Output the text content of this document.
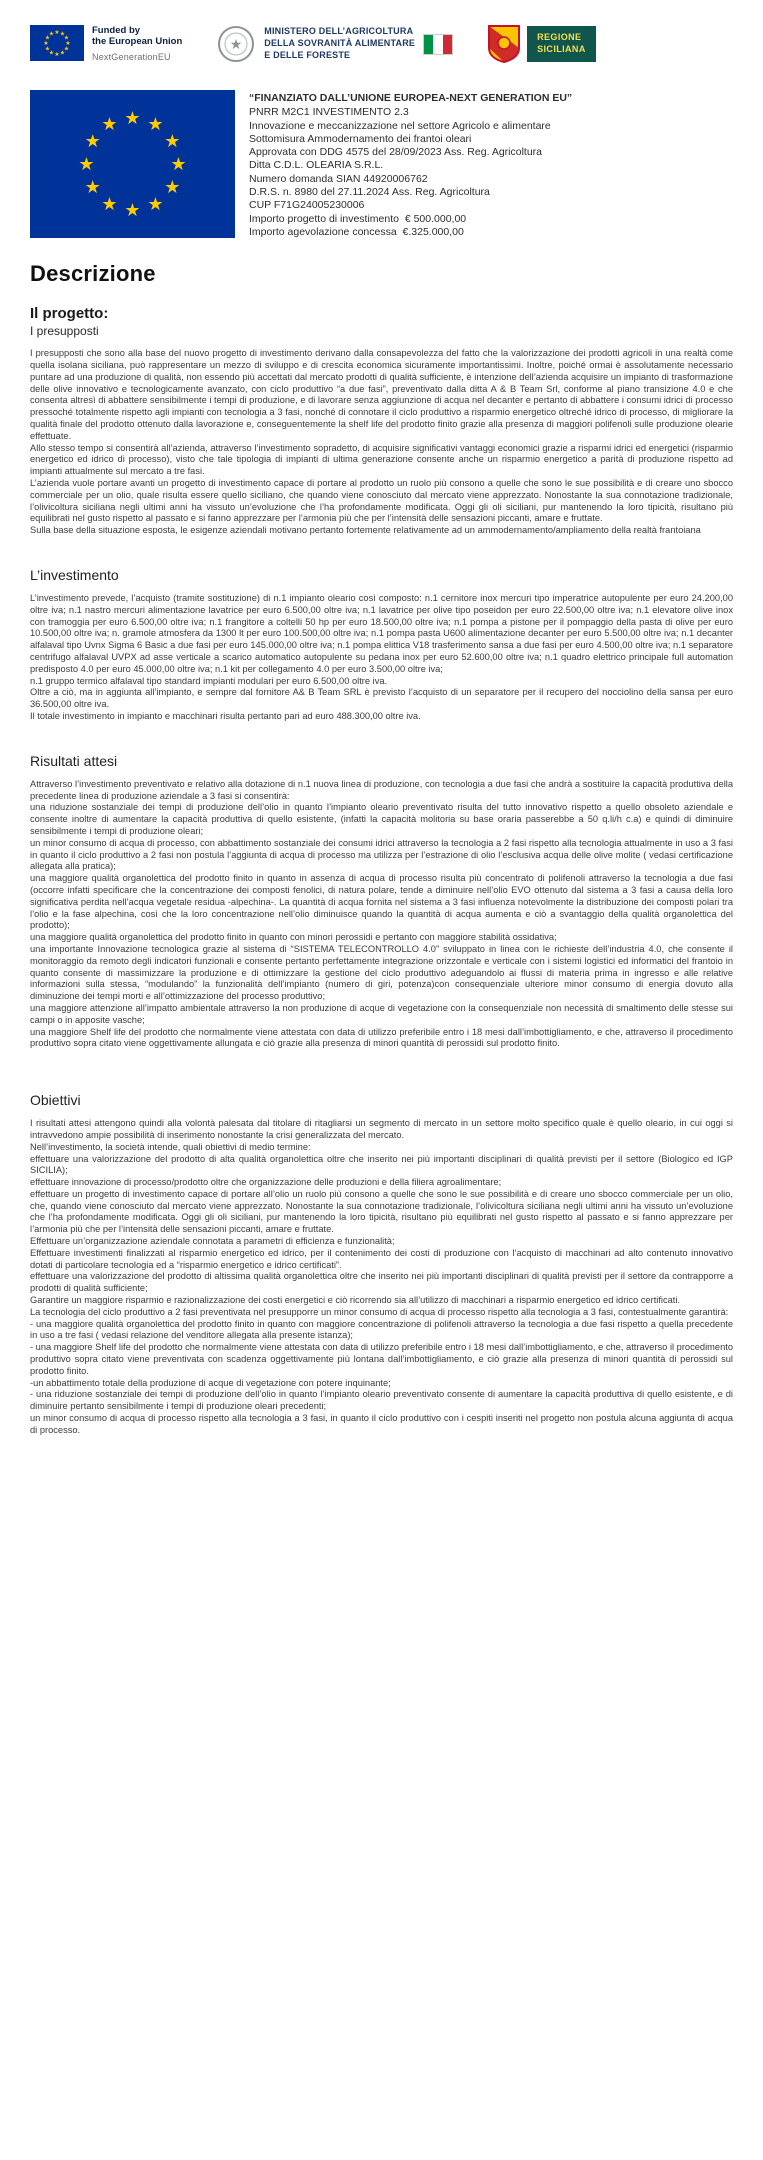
★ ★
★
★
★
★
★
★
★
★
★
★	Funded by
the European Union
NextGenerationEU
★
MINISTERO DELL’AGRICOLTURA
DELLA SOVRANITÀ ALIMENTARE
E DELLE FORESTE
REGIONE
SICILIANA
★ ★
★
★
★
★
★
★
★
★
★
★
“FINANZIATO DALL’UNIONE EUROPEA-NEXT GENERATION EU”
PNRR M2C1 INVESTIMENTO 2.3
Innovazione e meccanizzazione nel settore Agricolo e alimentare
Sottomisura Ammodernamento dei frantoi oleari
Approvata con DDG 4575 del 28/09/2023 Ass. Reg. Agricoltura
Ditta C.D.L. OLEARIA S.R.L.
Numero domanda SIAN 44920006762
D.R.S. n. 8980 del 27.11.2024 Ass. Reg. Agricoltura
CUP F71G24005230006
Importo progetto di investimento  € 500.000,00
Importo agevolazione concessa  €.325.000,00
Descrizione
Il progetto:
I presupposti

I presupposti che sono alla base del nuovo progetto di investimento derivano dalla consapevolezza del fatto che la valorizzazione dei prodotti agricoli in una realtà come quella isolana siciliana, può rappresentare un mezzo di sviluppo e di crescita economica sicuramente importantissimi. Inoltre, poiché ormai è assolutamente necessario puntare ad una produzione di qualità, non essendo più accettati dal mercato prodotti di qualità sufficiente, è intenzione dell’azienda acquisire un impianto di trasformazione delle olive innovativo e tecnologicamente avanzato, con ciclo produttivo “a due fasi”, preventivato dalla ditta A & B Team Srl, conforme al piano transizione 4.0 e che consenta altresì di abbattere sensibilmente i tempi di produzione, e di lavorare senza aggiunzione di acqua nel decanter e pertanto di abbattere i consumi idrici di processo pressoché totalmente rispetto agli impianti con tecnologia a 3 fasi, nonché di connotare il ciclo produttivo a risparmio energetico oltreché idrico di processo, di migliorare la qualità finale del prodotto ottenuto dalla lavorazione e, conseguentemente la shelf life del prodotto finito grazie alla presenza di maggiori polifenoli sulle produzione olearie effettuate.

Allo stesso tempo si consentirà all’azienda, attraverso l’investimento sopradetto, di acquisire significativi vantaggi economici grazie a risparmi idrici ed energetici (risparmio energetico ed idrico di processo), visto che tale tipologia di impianti di ultima generazione consente anche un risparmio energetico a parità di produzione rispetto ad impianti attualmente sul mercato a tre fasi.

L’azienda vuole portare avanti un progetto di investimento capace di portare al prodotto un ruolo più consono a quelle che sono le sue possibilità e di creare uno sbocco commerciale per un olio, quale risulta essere quello siciliano, che quando viene conosciuto dal mercato viene apprezzato. Nonostante la sua connotazione tradizionale, l’olivicoltura siciliana negli ultimi anni ha vissuto un’evoluzione che l’ha profondamente modificata. Oggi gli oli siciliani, pur mantenendo la loro tipicità, risultano più equilibrati nel gusto rispetto al passato e si fanno apprezzare per l’armonia più che per l’intensità delle sensazioni piccanti, amare e fruttate.

Sulla base della situazione esposta, le esigenze aziendali motivano pertanto fortemente relativamente ad un ammodernamento/ampliamento della realtà frantoiana

L’investimento

L’investimento prevede, l’acquisto (tramite sostituzione) di n.1 impianto oleario così composto: n.1 cernitore inox mercuri tipo imperatrice autopulente per euro 24.200,00 oltre iva; n.1 nastro mercuri alimentazione lavatrice per euro 6.500,00 oltre iva; n.1 lavatrice per olive tipo poseidon per euro 22.500,00 oltre iva; n.1 elevatore olive inox con tramoggia per euro 6.500,00 oltre iva; n.1 frangitore a coltelli 50 hp per euro 18.500,00 oltre iva; n.1 pompa a pistone per il pompaggio della pasta di olive per euro 10.500,00 oltre iva; n. gramole atmosfera da 1300 lt per euro 100.500,00 oltre iva; n.1 pompa pasta U600 alimentazione decanter per euro 5.500,00 oltre iva; n.1 decanter alfalaval tipo Uvnx Sigma 6 Basic a due fasi per euro 145.000,00 oltre iva; n.1 pompa elittica V18 trasferimento sansa a due fasi per euro 4.500,00 oltre iva; n.1 separatore centrifugo alfalaval UVPX ad asse verticale a scarico automatico autopulente su pedana inox per euro 52.600,00 oltre iva; n.1 quadro elettrico principale full automation predisposto 4.0 per euro 45.000,00 oltre iva; n.1 kit per collegamento 4.0 per euro 3.500,00 oltre iva;

n.1 gruppo termico alfalaval tipo standard impianti modulari per euro 6.500,00 oltre iva.

Oltre a ciò, ma in aggiunta all’impianto, e sempre dal fornitore A& B Team SRL è previsto l’acquisto di un separatore per il recupero del nocciolino della sansa per euro 36.500,00 oltre iva.

Il totale investimento in impianto e macchinari risulta pertanto pari ad euro 488.300,00 oltre iva.

Risultati attesi

Attraverso l’investimento preventivato e relativo alla dotazione di n.1 nuova linea di produzione, con tecnologia a due fasi che andrà a sostituire la capacità produttiva della precedente linea di produzione aziendale a 3 fasi si consentirà:

una riduzione sostanziale dei tempi di produzione dell’olio in quanto l’impianto oleario preventivato risulta del tutto innovativo rispetto a quello obsoleto aziendale e consente inoltre di aumentare la capacità produttiva di quello esistente, (infatti la capacità molitoria su base oraria passerebbe a 50 q.li/h c.a) e quindi di diminuire sensibilmente i tempi di produzione oleari;

un minor consumo di acqua di processo, con abbattimento sostanziale dei consumi idrici attraverso la tecnologia a 2 fasi rispetto alla tecnologia attualmente in uso a 3 fasi in quanto il ciclo produttivo a 2 fasi non postula l’aggiunta di acqua di processo ma utilizza per l’estrazione di olio l’esclusiva acqua delle olive molite ( vedasi certificazione allegata alla pratica);

una maggiore qualità organolettica del prodotto finito in quanto in assenza di acqua di processo risulta più concentrato di polifenoli attraverso la tecnologia a due fasi (occorre infatti specificare che la concentrazione dei composti fenolici, di natura polare, tende a diminuire nell’olio EVO ottenuto dal sistema a 3 fasi a causa della loro significativa perdita nell’acqua vegetale residua -alpechina-. La quantità di acqua fornita nel sistema a 3 fasi influenza notevolmente la distribuzione dei composti polari tra l’olio e la fase alpechina, così che la loro concentrazione nell’olio diminuisce quando la quantità di acqua aumenta e ciò a svantaggio della qualità organolettica del prodotto);

una maggiore qualità organolettica del prodotto finito in quanto con minori perossidi e pertanto con maggiore stabilità ossidativa;

una importante Innovazione tecnologica grazie al sistema di “SISTEMA TELECONTROLLO 4.0” sviluppato in linea con le richieste dell’industria 4.0, che consente il monitoraggio da remoto degli indicatori funzionali e consente pertanto perfettamente integrazione orizzontale e verticale con i sistemi logistici ed informatici del frantoio in quanto consente di massimizzare la produzione e di ottimizzare la gestione del ciclo produttivo adeguandolo ai flussi di materia prima in ingresso e alle relative informazioni sulla stessa, “modulando” la funzionalità dell’impianto (numero di giri, potenza)con consequenziale ulteriore minor consumo di energia dovuto alla diminuzione dei tempi morti e all’ottimizzazione del processo produttivo;

una maggiore attenzione all’impatto ambientale attraverso la non produzione di acque di vegetazione con la consequenziale non necessità di smaltimento delle stesse sui campi o in apposite vasche;

una maggiore Shelf life del prodotto che normalmente viene attestata con data di utilizzo preferibile entro i 18 mesi dall’imbottigliamento, e che, attraverso il procedimento produttivo sopra citato viene oggettivamente allungata e ciò grazie alla presenza di minori quantità di perossidi sul prodotto finito.

Obiettivi

I risultati attesi attengono quindi alla volontà palesata dal titolare di ritagliarsi un segmento di mercato in un settore molto specifico quale è quello oleario, in cui oggi si intravvedono ampie possibilità di inserimento nonostante la crisi generalizzata del mercato.

Nell’investimento, la società intende, quali obiettivi di medio termine:

effettuare una valorizzazione del prodotto di alta qualità organolettica oltre che inserito nei più importanti disciplinari di qualità previsti per il settore (Biologico ed IGP SICILIA);

effettuare innovazione di processo/prodotto oltre che organizzazione delle produzioni e della filiera agroalimentare;

effettuare un progetto di investimento capace di portare all’olio un ruolo più consono a quelle che sono le sue possibilità e di creare uno sbocco commerciale per un olio, che, quando viene conosciuto dal mercato viene apprezzato. Nonostante la sua connotazione tradizionale, l’olivicoltura siciliana negli ultimi anni ha vissuto un’evoluzione che l’ha profondamente modificata. Oggi gli oli siciliani, pur mantenendo la loro tipicità, risultano più equilibrati nel gusto rispetto al passato e si fanno apprezzare per l’armonia più che per l’intensità delle sensazioni piccanti, amare e fruttate.

Effettuare un’organizzazione aziendale connotata a parametri di efficienza e funzionalità;

Effettuare investimenti finalizzati al risparmio energetico ed idrico, per il contenimento dei costi di produzione con l’acquisto di macchinari ad alto contenuto innovativo dotati di particolare tecnologia ed a “risparmio energetico e idrico certificati”.

effettuare una valorizzazione del prodotto di altissima qualità organolettica oltre che inserito nei più importanti disciplinari di qualità previsti per il settore da contrapporre a prodotti di qualità sufficiente;

Garantire un maggiore risparmio e razionalizzazione dei costi energetici e ciò ricorrendo sia all’utilizzo di macchinari a risparmio energetico ed idrico certificati.

La tecnologia del ciclo produttivo a 2 fasi preventivata nel presupporre un minor consumo di acqua di processo rispetto alla tecnologia a 3 fasi, contestualmente garantirà:

- una maggiore qualità organolettica del prodotto finito in quanto con maggiore concentrazione di polifenoli attraverso la tecnologia a due fasi rispetto a quella precedente in uso a tre fasi ( vedasi relazione del venditore allegata alla presente istanza);

- una maggiore Shelf life del prodotto che normalmente viene attestata con data di utilizzo preferibile entro i 18 mesi dall’imbottigliamento, e che, attraverso il procedimento produttivo sopra citato viene preventivata con scadenza oggettivamente più lontana dall’imbottigliamento, e ciò grazie alla presenza di minori quantità di perossidi sul prodotto finito.

-un abbattimento totale della produzione di acque di vegetazione con potere inquinante;

- una riduzione sostanziale dei tempi di produzione dell’olio in quanto l’impianto oleario preventivato consente di aumentare la capacità produttiva di quello esistente, e di diminuire pertanto sensibilmente i tempi di produzione oleari precedenti;

un minor consumo di acqua di processo rispetto alla tecnologia a 3 fasi, in quanto il ciclo produttivo con i cespiti inseriti nel progetto non postula alcuna aggiunta di acqua di processo.
